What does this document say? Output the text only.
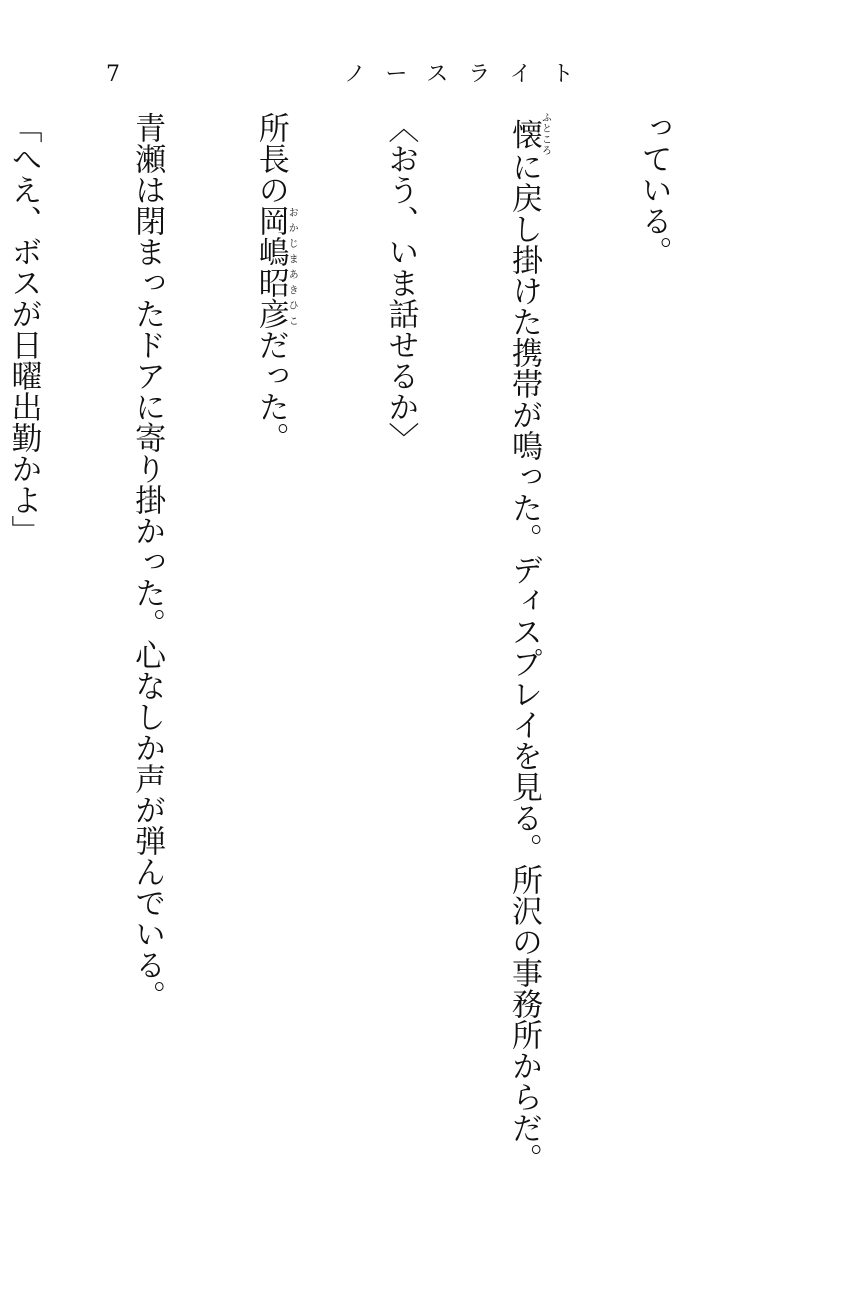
7	ノースライト

っている。

懐ふところに戻し掛けた携帯が鳴った。ディスプレイを見る。所沢の事務所からだ。

〈おう、いま話せるか〉

所長の岡嶋昭彦おかじまあきひこだった。

青瀬は閉まったドアに寄り掛かった。心なしか声が弾んでいる。

「へえ、ボスが日曜出勤かよ」
